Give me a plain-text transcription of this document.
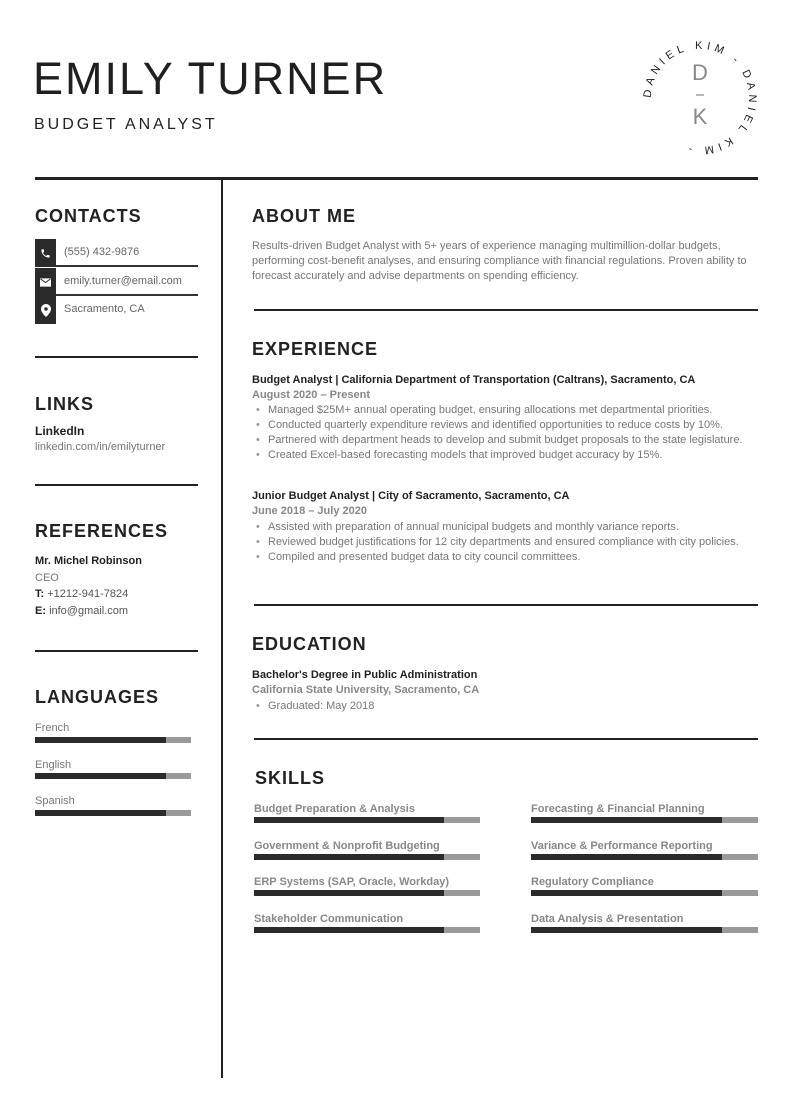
EMILY TURNER
BUDGET ANALYST
DANIEL KIM - DANIEL KIM -
D
K
CONTACTS
(555) 432-9876
emily.turner@email.com
Sacramento, CA
LINKS
LinkedIn
linkedin.com/in/emilyturner
REFERENCES
Mr. Michel Robinson
CEO
T: +1212-941-7824
E: info@gmail.com
LANGUAGES
French
English
Spanish
ABOUT ME
Results-driven Budget Analyst with 5+ years of experience managing multimillion-dollar budgets, performing cost-benefit analyses, and ensuring compliance with financial regulations. Proven ability to forecast accurately and advise departments on spending efficiency.
EXPERIENCE
Budget Analyst | California Department of Transportation (Caltrans), Sacramento, CA
August 2020 – Present
• Managed $25M+ annual operating budget, ensuring allocations met departmental priorities.
• Conducted quarterly expenditure reviews and identified opportunities to reduce costs by 10%.
• Partnered with department heads to develop and submit budget proposals to the state legislature.
• Created Excel-based forecasting models that improved budget accuracy by 15%.
Junior Budget Analyst | City of Sacramento, Sacramento, CA
June 2018 – July 2020
• Assisted with preparation of annual municipal budgets and monthly variance reports.
• Reviewed budget justifications for 12 city departments and ensured compliance with city policies.
• Compiled and presented budget data to city council committees.
EDUCATION
Bachelor's Degree in Public Administration
California State University, Sacramento, CA
• Graduated: May 2018
SKILLS
Budget Preparation & Analysis	Forecasting & Financial Planning
Government & Nonprofit Budgeting	Variance & Performance Reporting
ERP Systems (SAP, Oracle, Workday)	Regulatory Compliance
Stakeholder Communication	Data Analysis & Presentation
